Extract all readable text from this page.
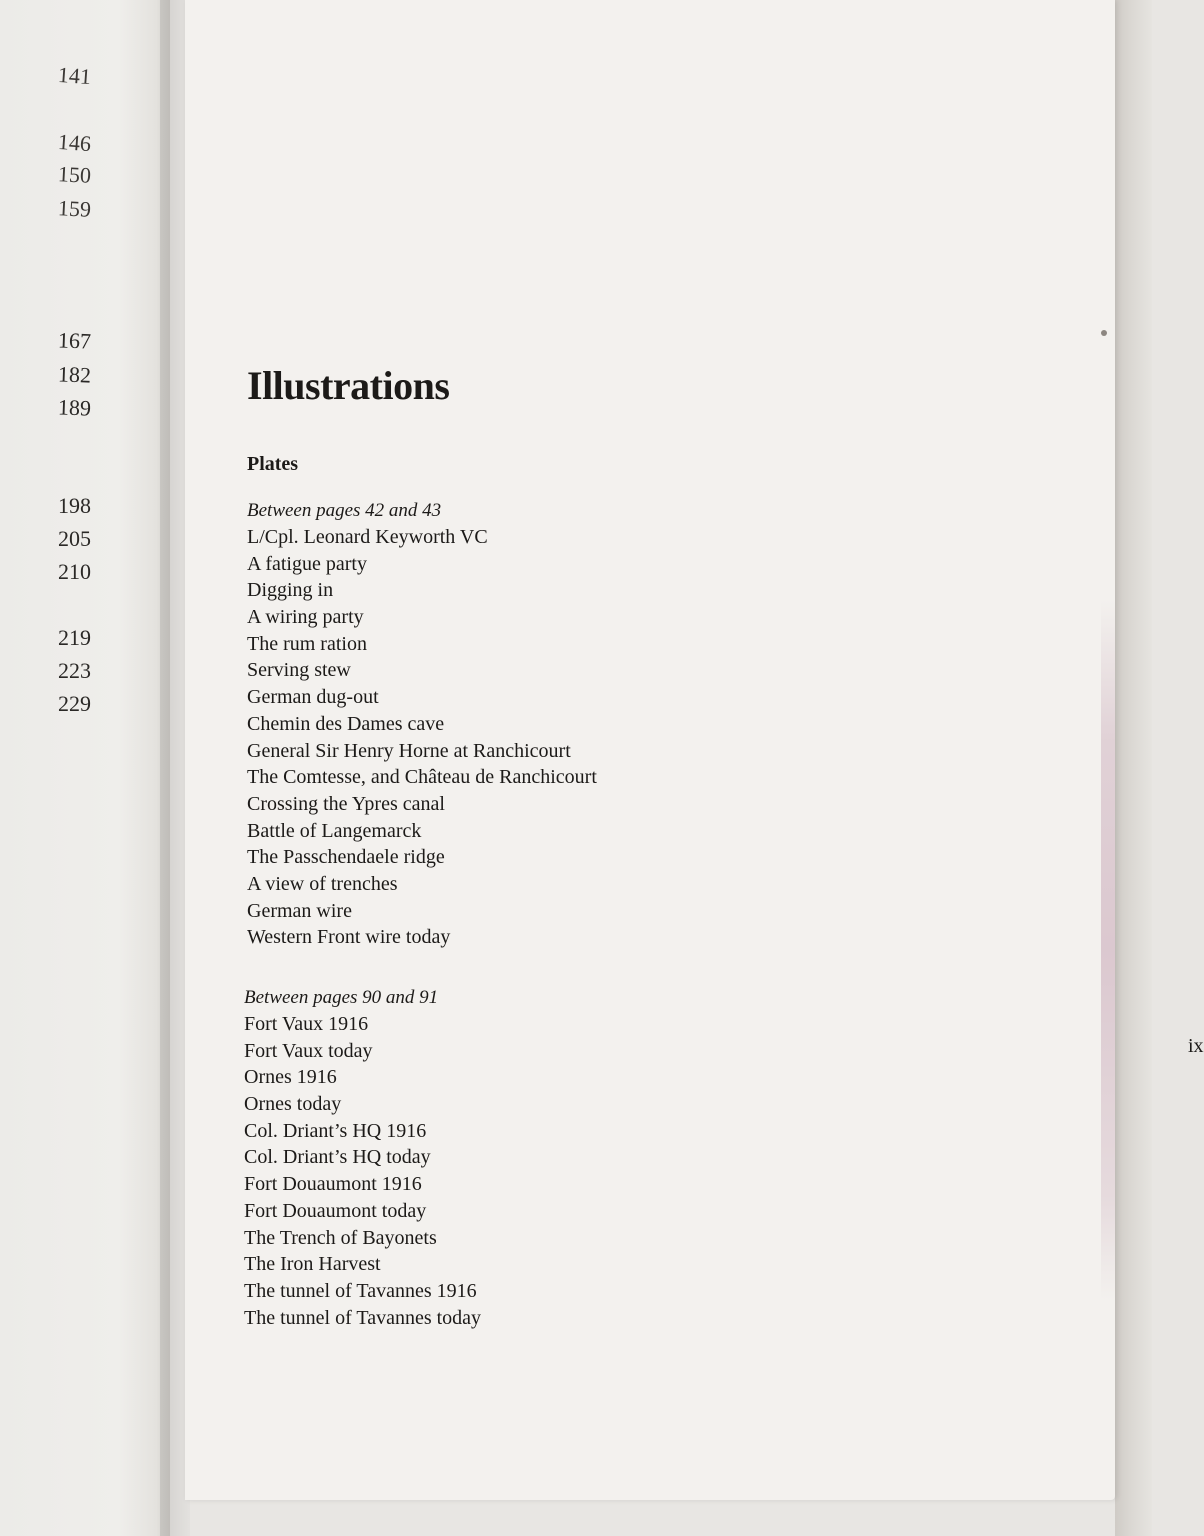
141
146
150
159
167
182
189
198
205
210
219
223
229
Illustrations
Plates
Between pages 42 and 43
L/Cpl. Leonard Keyworth VC
A fatigue party
Digging in
A wiring party
The rum ration
Serving stew
German dug-out
Chemin des Dames cave
General Sir Henry Horne at Ranchicourt
The Comtesse, and Château de Ranchicourt
Crossing the Ypres canal
Battle of Langemarck
The Passchendaele ridge
A view of trenches
German wire
Western Front wire today
Between pages 90 and 91
Fort Vaux 1916
Fort Vaux today
Ornes 1916
Ornes today
Col. Driant’s HQ 1916
Col. Driant’s HQ today
Fort Douaumont 1916
Fort Douaumont today
The Trench of Bayonets
The Iron Harvest
The tunnel of Tavannes 1916
The tunnel of Tavannes today
ix
